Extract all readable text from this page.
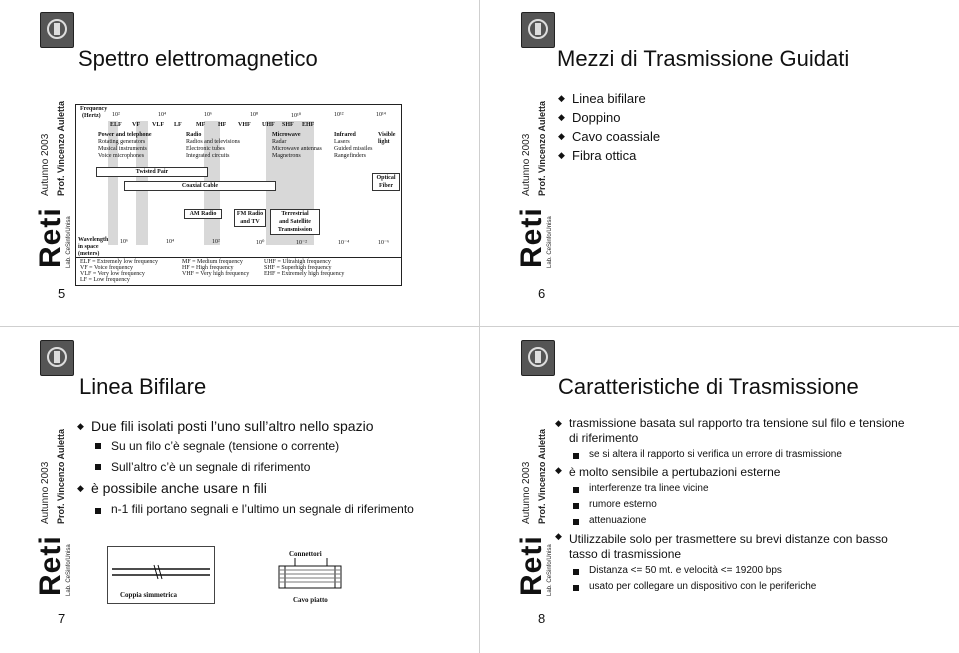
Spettro elettromagnetico
Autunno 2003 Prof. Vincenzo Auletta
Reti Lab. CeSinfo/Unisa
Frequency
(Hertz) 10²	10⁴	10⁶	10⁸	10¹⁰	10¹²	10¹⁴
ELF VF VLF LF MF HF VHF UHF SHF EHF
Power and telephone
Rotating generators
Musical instruments
Voice microphones
Radio
Radios and televisions
Electronic tubes
Integrated circuits
Microwave
Radar
Microwave antennas
Magnetrons
Infrared
Lasers
Guided missiles
Rangefinders
Visible
light
Twisted Pair
Coaxial Cable
Optical
Fiber
AM Radio	FM Radio
and TV
Terrestrial
and Satellite
Transmission
Wavelength
in space
(meters)
10⁶	10⁴	10²	10⁰	10⁻²	10⁻⁴	10⁻⁶
ELF = Extremely low frequency
VF = Voice frequency
VLF = Very low frequency
LF = Low frequency
MF = Medium frequency
HF = High frequency
VHF = Very high frequency
UHF = Ultrahigh frequency
SHF = Superhigh frequency
EHF = Extremely high frequency
5
Mezzi di Trasmissione Guidati
Autunno 2003 Prof. Vincenzo Auletta
Reti Lab. CeSinfo/Unisa
◆ Linea bifilare
◆ Doppino
◆ Cavo coassiale
◆ Fibra ottica
6
Linea Bifilare
Autunno 2003 Prof. Vincenzo Auletta
Reti Lab. CeSinfo/Unisa
◆ Due fili isolati posti l’uno sull’altro nello spazio
Su un filo c’è segnale (tensione o corrente)
Sull’altro c’è un segnale di riferimento
◆ è possibile anche usare n fili
n-1 fili portano segnali e l’ultimo un segnale di riferimento
Coppia simmetrica
Connettori
Cavo piatto
7
Caratteristiche di Trasmissione
Autunno 2003 Prof. Vincenzo Auletta
Reti Lab. CeSinfo/Unisa
◆ trasmissione basata sul rapporto tra tensione sul filo e tensione di riferimento
se si altera il rapporto si verifica un errore di trasmissione
◆ è molto sensibile a pertubazioni esterne
interferenze tra linee vicine
rumore esterno
attenuazione
◆ Utilizzabile solo per trasmettere su brevi distanze con basso tasso di trasmissione
Distanza <= 50 mt. e velocità <= 19200 bps
usato per collegare un dispositivo con le periferiche
8
